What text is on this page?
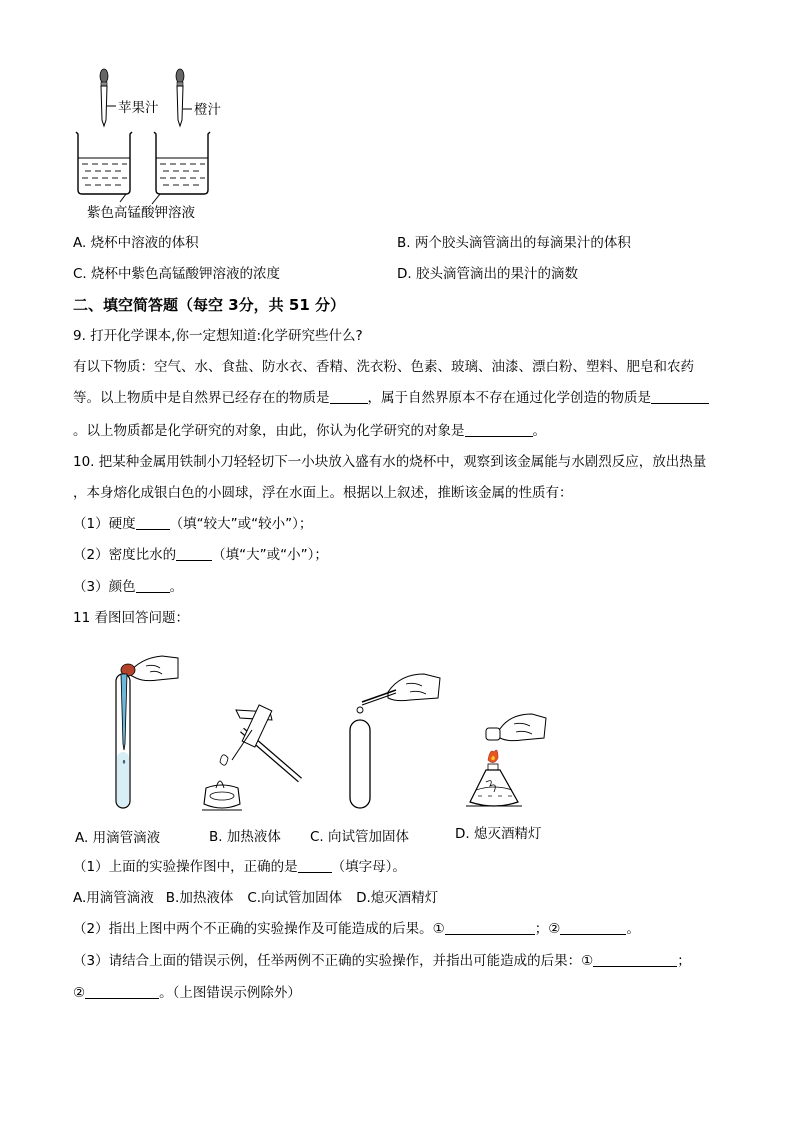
苹果汁	橙汁
紫色高锰酸钾溶液
A. 烧杯中溶液的体积	B. 两个胶头滴管滴出的每滴果汁的体积
C. 烧杯中紫色高锰酸钾溶液的浓度	D. 胶头滴管滴出的果汁的滴数
二、填空简答题（每空 3分，共 51 分）
9. 打开化学课本,你一定想知道:化学研究些什么?
有以下物质：空气、水、食盐、防水衣、香精、洗衣粉、色素、玻璃、油漆、漂白粉、塑料、肥皂和农药
等。以上物质中是自然界已经存在的物质是	，属于自然界原本不存在通过化学创造的物质是
。以上物质都是化学研究的对象，由此，你认为化学研究的对象是	。
10. 把某种金属用铁制小刀轻轻切下一小块放入盛有水的烧杯中，观察到该金属能与水剧烈反应，放出热量
，本身熔化成银白色的小圆球，浮在水面上。根据以上叙述，推断该金属的性质有：
（1）硬度	（填“较大”或“较小”）；
（2）密度比水的	（填“大”或“小”）；
（3）颜色	。
11 看图回答问题：
A. 用滴管滴液	B. 加热液体 C. 向试管加固体	D. 熄灭酒精灯
（1）上面的实验操作图中，正确的是	（填字母）。
A.用滴管滴液 B.加热液体 C.向试管加固体 D.熄灭酒精灯
（2）指出上图中两个不正确的实验操作及可能造成的后果。①	；②	。
（3）请结合上面的错误示例，任举两例不正确的实验操作，并指出可能造成的后果：①	；
②	。（上图错误示例除外）
